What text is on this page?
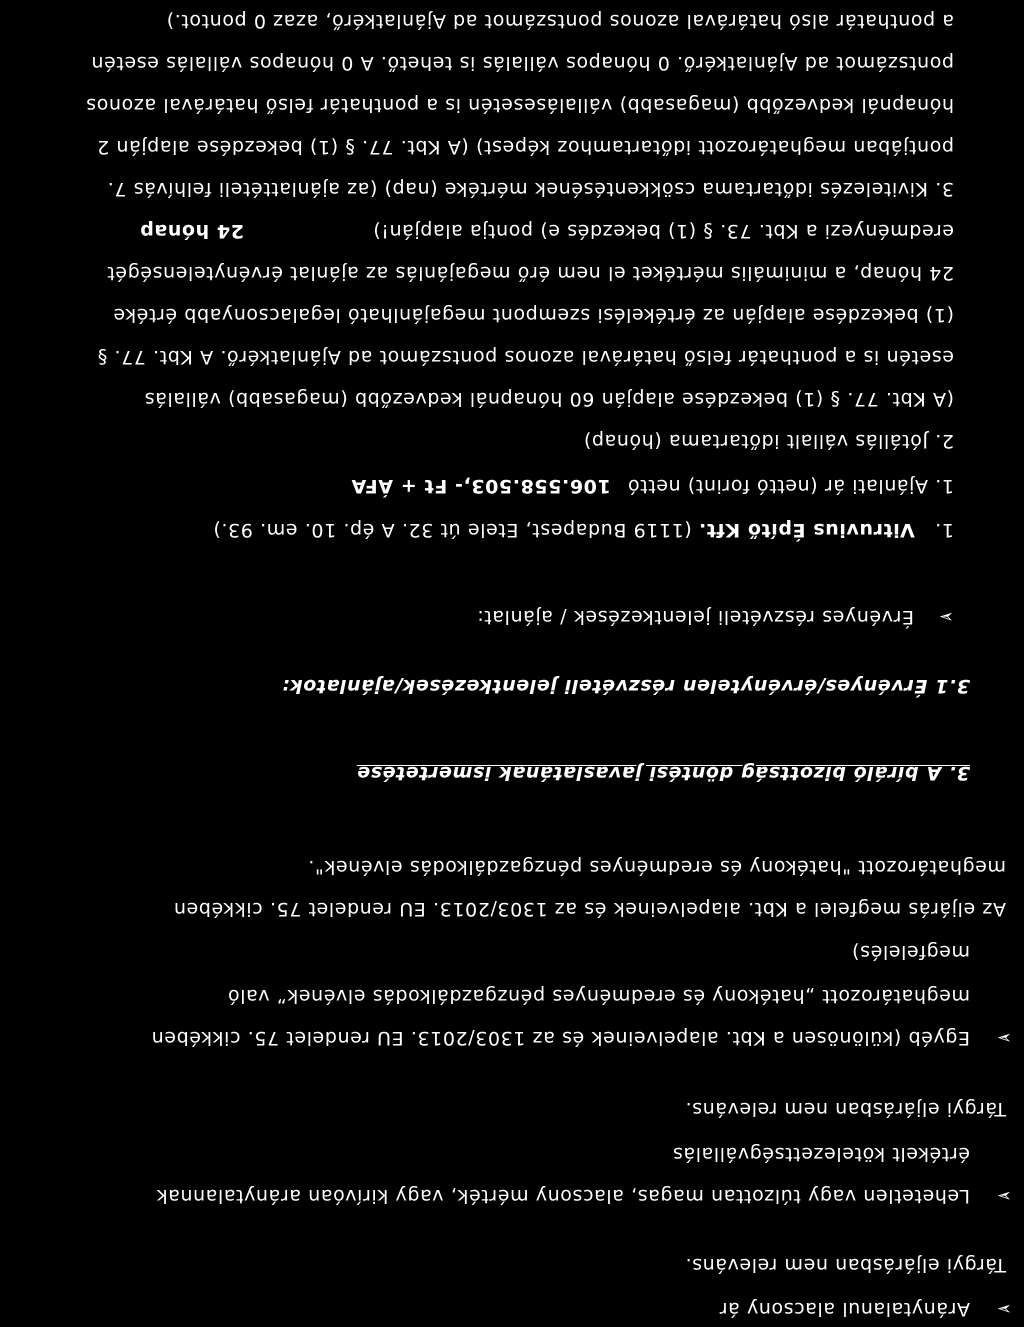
➢
Aránytalanul alacsony ár
Tárgyi eljárásban nem releváns.
➢
Lehetetlen vagy túlzottan magas, alacsony mérték, vagy kirívóan aránytalannak
értékelt kötelezettségvállalás
Tárgyi eljárásban nem releváns.
➢
Egyéb (különösen a Kbt. alapelveinek és az 1303/2013. EU rendelet 75. cikkében
meghatározott „hatékony és eredményes pénzgazdálkodás elvének” való
megfelelés)
Az eljárás megfelel a Kbt. alapelveinek és az 1303/2013. EU rendelet 75. cikkében
meghatározott "hatékony és eredményes pénzgazdálkodás elvének".
3. A bíráló bizottság döntési javaslatának ismertetése
3.1 Érvényes/érvénytelen részvételi jelentkezések/ajánlatok:
➢
Érvényes részvételi jelentkezések / ajánlat:
1.   Vitruvius Építő Kft. (1119 Budapest, Etele út 32. A ép. 10. em. 93.)
1. Ajánlati ár (nettó forint) nettó 106.558.503,- Ft + ÁFA
2. Jótállás vállalt időtartama (hónap)
(A Kbt. 77. § (1) bekezdése alapján 60 hónapnál kedvezőbb (magasabb) vállalás
esetén is a ponthatár felső határával azonos pontszámot ad Ajánlatkérő. A Kbt. 77. §
(1) bekezdése alapján az értékelési szempont megajánlható legalacsonyabb értéke
24 hónap, a minimális mértéket el nem érő megajánlás az ajánlat érvénytelenségét
eredményezi a Kbt. 73. § (1) bekezdés e) pontja alapján!)
24 hónap
3. Kivitelezés időtartama csökkentésének mértéke (nap) (az ajánlattételi felhívás 7.
pontjában meghatározott időtartamhoz képest) (A Kbt. 77. § (1) bekezdése alapján 2
hónapnál kedvezőbb (magasabb) vállalásesetén is a ponthatár felső határával azonos
pontszámot ad Ajánlatkérő. 0 hónapos vállalás is tehető. A 0 hónapos vállalás esetén
a ponthatár alsó határával azonos pontszámot ad Ajánlatkérő, azaz 0 pontot.)
